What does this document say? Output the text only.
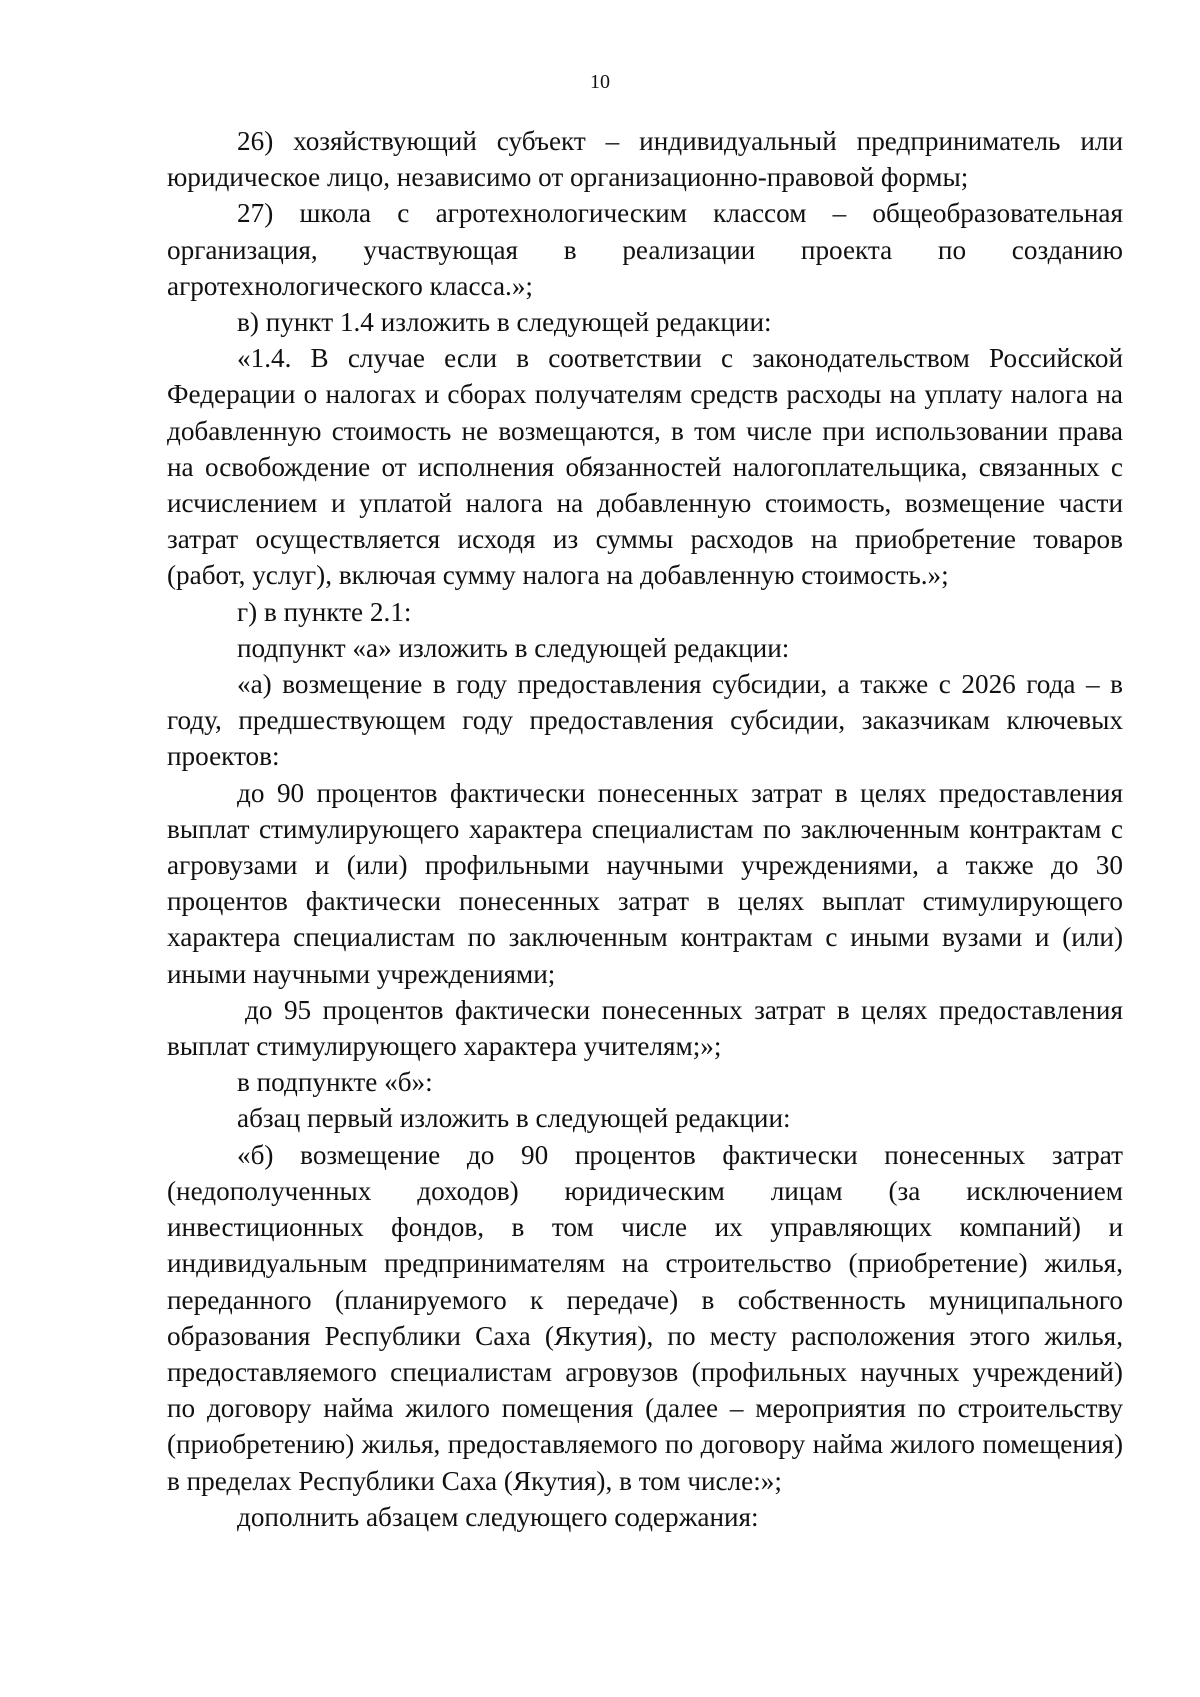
10

26) хозяйствующий субъект – индивидуальный предприниматель или юридическое лицо, независимо от организационно-правовой формы;

27) школа с агротехнологическим классом – общеобразовательная организация, участвующая в реализации проекта по созданию агротехнологического класса.»;

в) пункт 1.4 изложить в следующей редакции:

«1.4. В случае если в соответствии с законодательством Российской Федерации о налогах и сборах получателям средств расходы на уплату налога на добавленную стоимость не возмещаются, в том числе при использовании права на освобождение от исполнения обязанностей налогоплательщика, связанных с исчислением и уплатой налога на добавленную стоимость, возмещение части затрат осуществляется исходя из суммы расходов на приобретение товаров (работ, услуг), включая сумму налога на добавленную стоимость.»;

г) в пункте 2.1:

подпункт «а» изложить в следующей редакции:

«а) возмещение в году предоставления субсидии, а также с 2026 года – в году, предшествующем году предоставления субсидии, заказчикам ключевых проектов:

до 90 процентов фактически понесенных затрат в целях предоставления выплат стимулирующего характера специалистам по заключенным контрактам с агровузами и (или) профильными научными учреждениями, а также до 30 процентов фактически понесенных затрат в целях выплат стимулирующего характера специалистам по заключенным контрактам с иными вузами и (или) иными научными учреждениями;

до 95 процентов фактически понесенных затрат в целях предоставления выплат стимулирующего характера учителям;»;

в подпункте «б»:

абзац первый изложить в следующей редакции:

«б) возмещение до 90 процентов фактически понесенных затрат (недополученных доходов) юридическим лицам (за исключением инвестиционных фондов, в том числе их управляющих компаний) и индивидуальным предпринимателям на строительство (приобретение) жилья, переданного (планируемого к передаче) в собственность муниципального образования Республики Саха (Якутия), по месту расположения этого жилья, предоставляемого специалистам агровузов (профильных научных учреждений) по договору найма жилого помещения (далее – мероприятия по строительству (приобретению) жилья, предоставляемого по договору найма жилого помещения) в пределах Республики Саха (Якутия), в том числе:»;

дополнить абзацем следующего содержания:
